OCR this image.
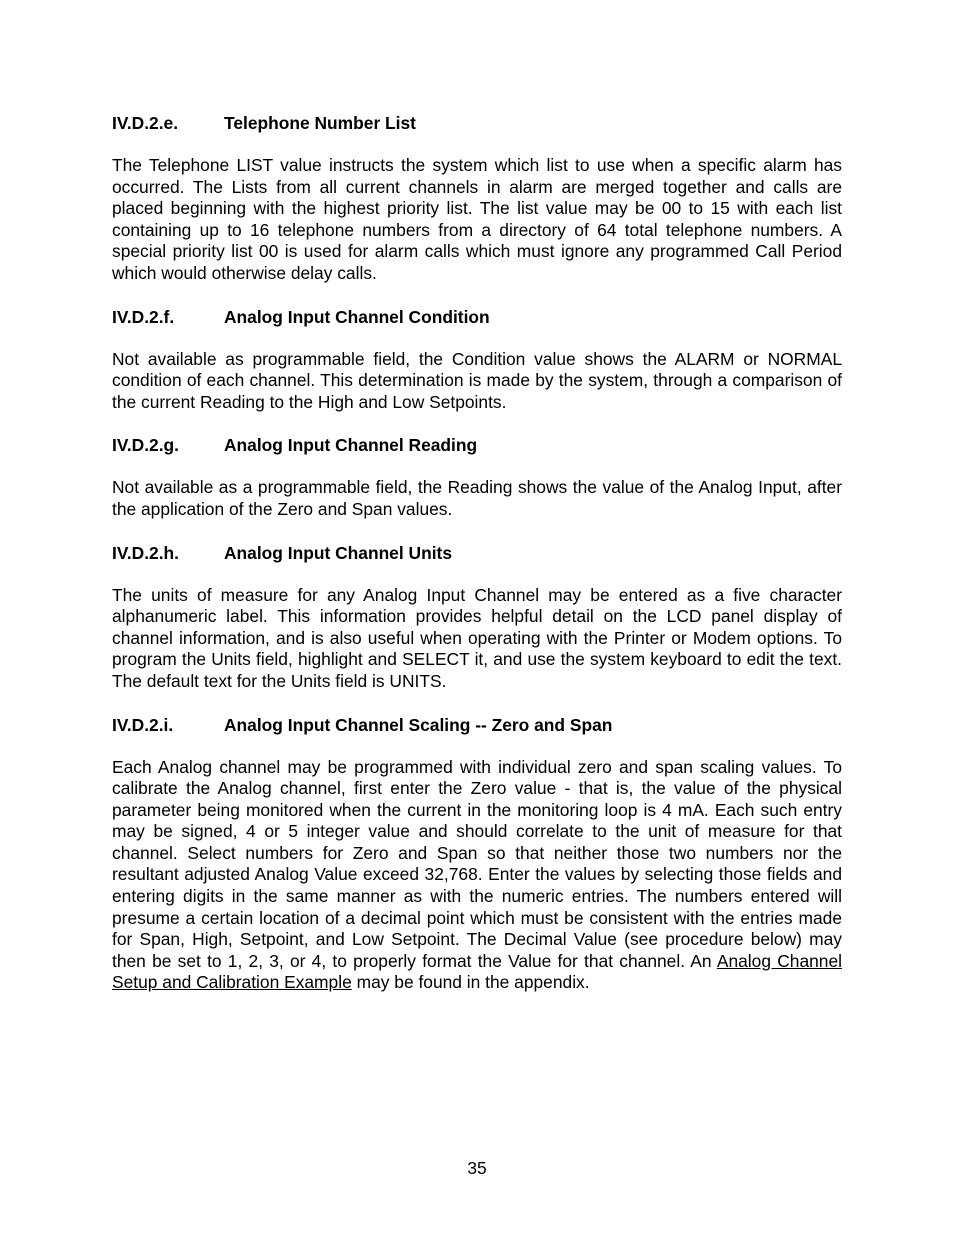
IV.D.2.e.	Telephone Number List

The Telephone LIST value instructs the system which list to use when a specific alarm has occurred. The Lists from all current channels in alarm are merged together and calls are placed beginning with the highest priority list. The list value may be 00 to 15 with each list containing up to 16 telephone numbers from a directory of 64 total telephone numbers. A special priority list 00 is used for alarm calls which must ignore any programmed Call Period which would otherwise delay calls.

IV.D.2.f.	Analog Input Channel Condition

Not available as programmable field, the Condition value shows the ALARM or NORMAL condition of each channel. This determination is made by the system, through a comparison of the current Reading to the High and Low Setpoints.

IV.D.2.g.	Analog Input Channel Reading

Not available as a programmable field, the Reading shows the value of the Analog Input, after the application of the Zero and Span values.

IV.D.2.h.	Analog Input Channel Units

The units of measure for any Analog Input Channel may be entered as a five character alphanumeric label. This information provides helpful detail on the LCD panel display of channel information, and is also useful when operating with the Printer or Modem options. To program the Units field, highlight and SELECT it, and use the system keyboard to edit the text. The default text for the Units field is UNITS.

IV.D.2.i.	Analog Input Channel Scaling -- Zero and Span

Each Analog channel may be programmed with individual zero and span scaling values. To calibrate the Analog channel, first enter the Zero value - that is, the value of the physical parameter being monitored when the current in the monitoring loop is 4 mA. Each such entry may be signed, 4 or 5 integer value and should correlate to the unit of measure for that channel. Select numbers for Zero and Span so that neither those two numbers nor the resultant adjusted Analog Value exceed 32,768. Enter the values by selecting those fields and entering digits in the same manner as with the numeric entries. The numbers entered will presume a certain location of a decimal point which must be consistent with the entries made for Span, High, Setpoint, and Low Setpoint. The Decimal Value (see procedure below) may then be set to 1, 2, 3, or 4, to properly format the Value for that channel. An Analog Channel Setup and Calibration Example may be found in the appendix.

35
